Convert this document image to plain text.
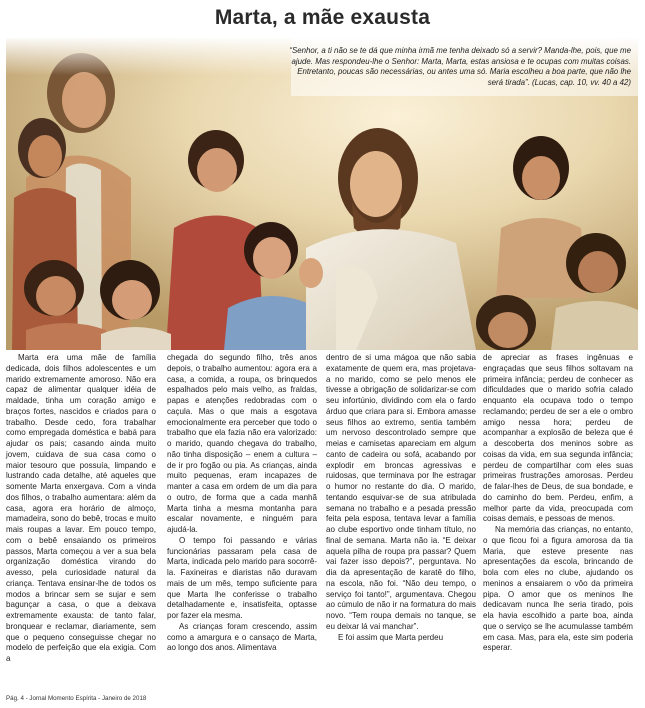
Marta, a mãe exausta
“Senhor, a ti não se te dá que minha irmã me tenha deixado só a servir? Manda-lhe, pois, que me ajude. Mas respondeu-lhe o Senhor: Marta, Marta, estas ansiosa e te ocupas com muitas coisas. Entretanto, poucas são necessárias, ou antes uma só. Maria escolheu a boa parte, que não lhe será tirada”. (Lucas, cap. 10, vv. 40 a 42)

Marta era uma mãe de família dedicada, dois filhos adolescentes e um marido extremamente amoroso. Não era capaz de alimentar qualquer idéia de maldade, tinha um coração amigo e braços fortes, nascidos e criados para o trabalho. Desde cedo, fora trabalhar como empregada doméstica e babá para ajudar os pais; casando ainda muito jovem, cuidava de sua casa como o maior tesouro que possuía, limpando e lustrando cada detalhe, até aqueles que somente Marta enxergava. Com a vinda dos filhos, o trabalho aumentara: além da casa, agora era horário de almoço, mamadeira, sono do bebê, trocas e muito mais roupas a lavar. Em pouco tempo, com o bebê ensaiando os primeiros passos, Marta começou a ver a sua bela organização doméstica virando do avesso, pela curiosidade natural da criança. Tentava ensinar-lhe de todos os modos a brincar sem se sujar e sem bagunçar a casa, o que a deixava extremamente exausta: de tanto falar, bronquear e reclamar, diariamente, sem que o pequeno conseguisse chegar no modelo de perfeição que ela exigia. Com a

chegada do segundo filho, três anos depois, o trabalho aumentou: agora era a casa, a comida, a roupa, os brinquedos espalhados pelo mais velho, as fraldas, papas e atenções redobradas com o caçula. Mas o que mais a esgotava emocionalmente era perceber que todo o trabalho que ela fazia não era valorizado: o marido, quando chegava do trabalho, não tinha disposição – enem a cultura – de ir pro fogão ou pia. As crianças, ainda muito pequenas, eram incapazes de manter a casa em ordem de um dia para o outro, de forma que a cada manhã Marta tinha a mesma montanha para escalar novamente, e ninguém para ajudá-la.

O tempo foi passando e várias funcionárias passaram pela casa de Marta, indicada pelo marido para socorrê-la. Faxineiras e diaristas não duravam mais de um mês, tempo suficiente para que Marta lhe conferisse o trabalho detalhadamente e, insatisfeita, optasse por fazer ela mesma.

As crianças foram crescendo, assim como a amargura e o cansaço de Marta, ao longo dos anos. Alimentava

dentro de si uma mágoa que não sabia exatamente de quem era, mas projetava-a no marido, como se pelo menos ele tivesse a obrigação de solidarizar-se com seu infortúnio, dividindo com ela o fardo árduo que criara para si. Embora amasse seus filhos ao extremo, sentia também um nervoso descontrolado sempre que meias e camisetas apareciam em algum canto de cadeira ou sofá, acabando por explodir em broncas agressivas e ruidosas, que terminava por lhe estragar o humor no restante do dia. O marido, tentando esquivar-se de sua atribulada semana no trabalho e a pesada pressão feita pela esposa, tentava levar a família ao clube esportivo onde tinham título, no final de semana. Marta não ia. “E deixar aquela pilha de roupa pra passar? Quem vai fazer isso depois?”, perguntava. No dia da apresentação de karatê do filho, na escola, não foi. “Não deu tempo, o serviço foi tanto!”, argumentava. Chegou ao cúmulo de não ir na formatura do mais novo. “Tem roupa demais no tanque, se eu deixar lá vai manchar”.

E foi assim que Marta perdeu

de apreciar as frases ingênuas e engraçadas que seus filhos soltavam na primeira infância; perdeu de conhecer as dificuldades que o marido sofria calado enquanto ela ocupava todo o tempo reclamando; perdeu de ser a ele o ombro amigo nessa hora; perdeu de acompanhar a explosão de beleza que é a descoberta dos meninos sobre as coisas da vida, em sua segunda infância; perdeu de compartilhar com eles suas primeiras frustrações amorosas. Perdeu de falar-lhes de Deus, de sua bondade, e do caminho do bem. Perdeu, enfim, a melhor parte da vida, preocupada com coisas demais, e pessoas de menos.

Na memória das crianças, no entanto, o que ficou foi a figura amorosa da tia Maria, que esteve presente nas apresentações da escola, brincando de bola com eles no clube, ajudando os meninos a ensaiarem o vôo da primeira pipa. O amor que os meninos lhe dedicavam nunca lhe seria tirado, pois ela havia escolhido a parte boa, ainda que o serviço se lhe acumulasse também em casa. Mas, para ela, este sim poderia esperar.

Pág. 4 - Jornal Momento Espírita - Janeiro de 2018
